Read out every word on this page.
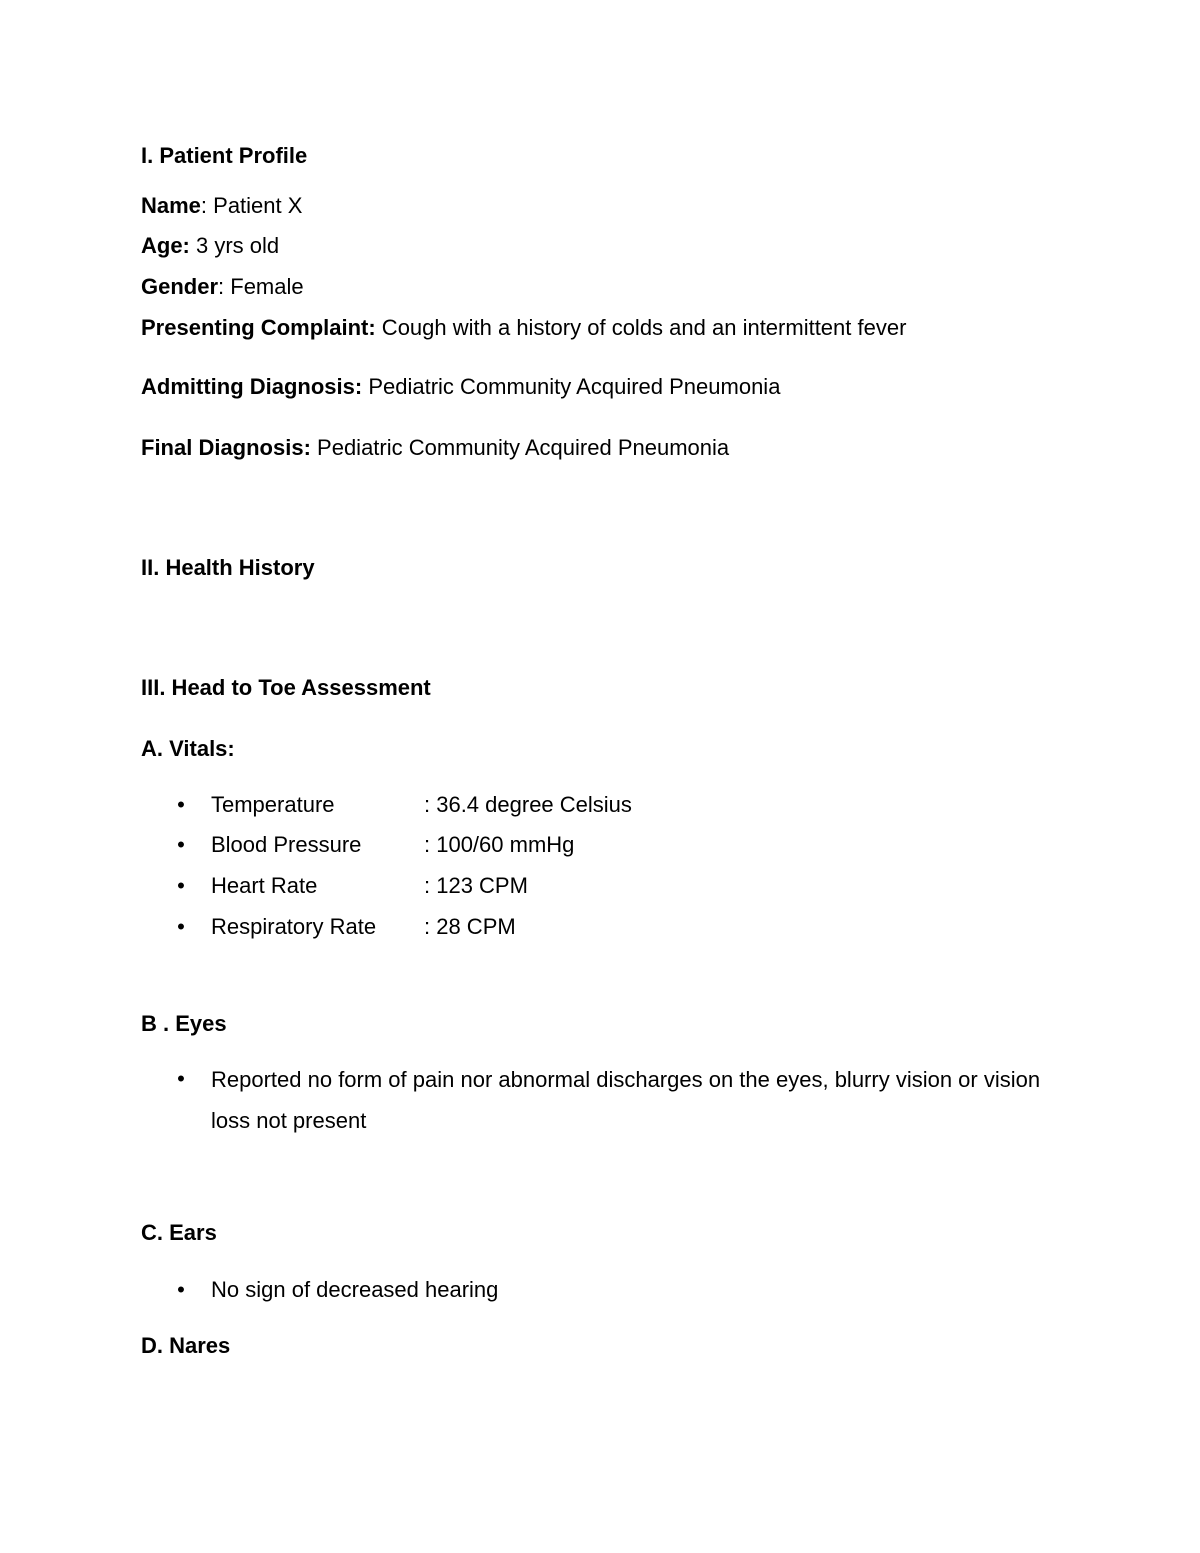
I. Patient Profile
Name: Patient X
Age: 3 yrs old
Gender: Female
Presenting Complaint: Cough with a history of colds and an intermittent fever
Admitting Diagnosis: Pediatric Community Acquired Pneumonia
Final Diagnosis: Pediatric Community Acquired Pneumonia
II. Health History
III. Head to Toe Assessment
A. Vitals:
•
Temperature	: 36.4 degree Celsius
•
Blood Pressure	: 100/60 mmHg
•
Heart Rate	: 123 CPM
•
Respiratory Rate : 28 CPM
B . Eyes
•
Reported no form of pain nor abnormal discharges on the eyes, blurry vision or vision loss not present
C. Ears
•
No sign of decreased hearing
D. Nares
